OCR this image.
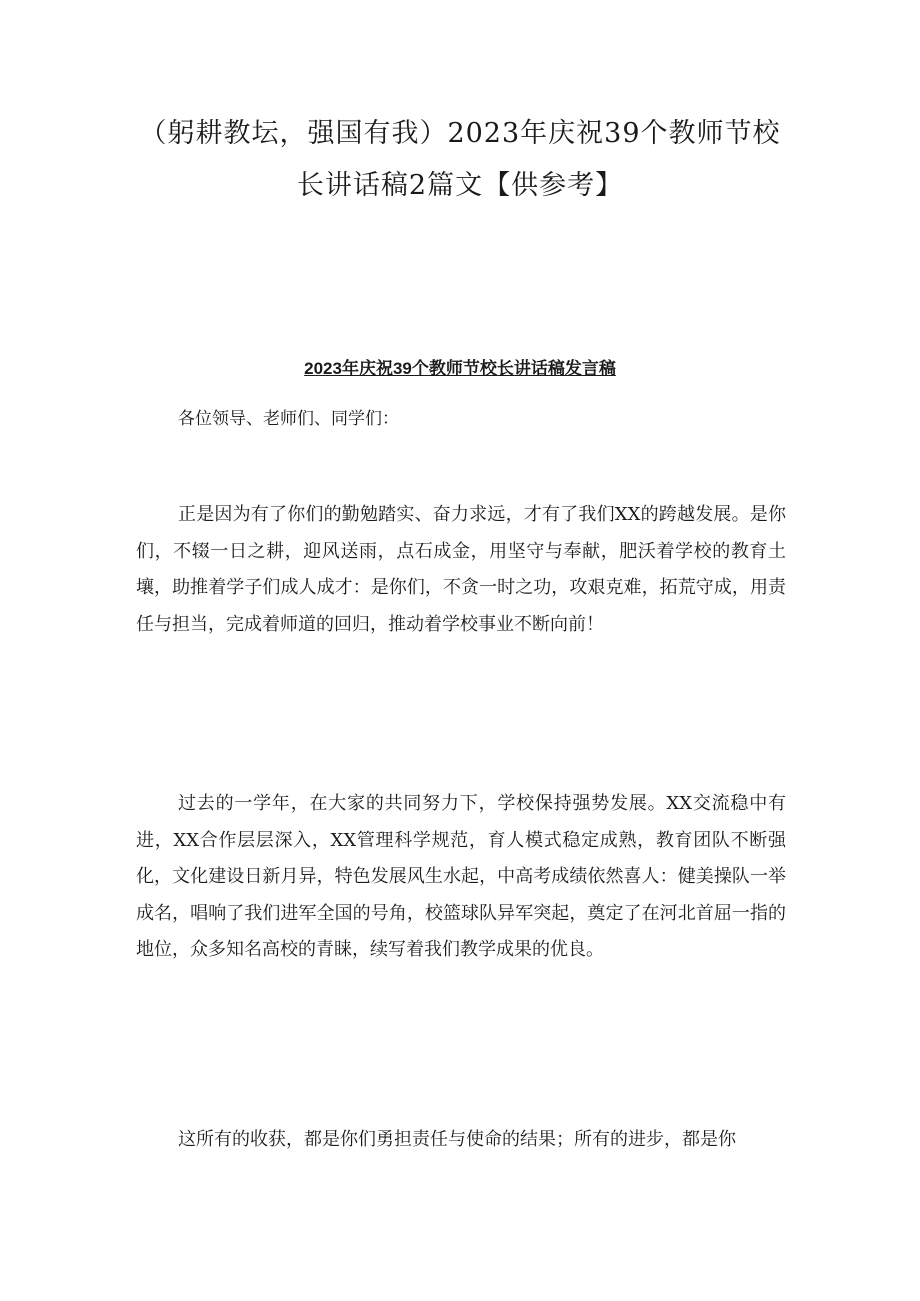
（躬耕教坛，强国有我）2023年庆祝39个教师节校长讲话稿2篇文【供参考】
2023年庆祝39个教师节校长讲话稿发言稿

各位领导、老师们、同学们：

正是因为有了你们的勤勉踏实、奋力求远，才有了我们XX的跨越发展。是你们，不辍一日之耕，迎风送雨，点石成金，用坚守与奉献，肥沃着学校的教育土壤，助推着学子们成人成才：是你们，不贪一时之功，攻艰克难，拓荒守成，用责任与担当，完成着师道的回归，推动着学校事业不断向前！

过去的一学年，在大家的共同努力下，学校保持强势发展。XX交流稳中有进，XX合作层层深入，XX管理科学规范，育人模式稳定成熟，教育团队不断强化，文化建设日新月异，特色发展风生水起，中高考成绩依然喜人：健美操队一举成名，唱响了我们进军全国的号角，校篮球队异军突起，奠定了在河北首屈一指的地位，众多知名高校的青睐，续写着我们教学成果的优良。

这所有的收获，都是你们勇担责任与使命的结果；所有的进步，都是你
